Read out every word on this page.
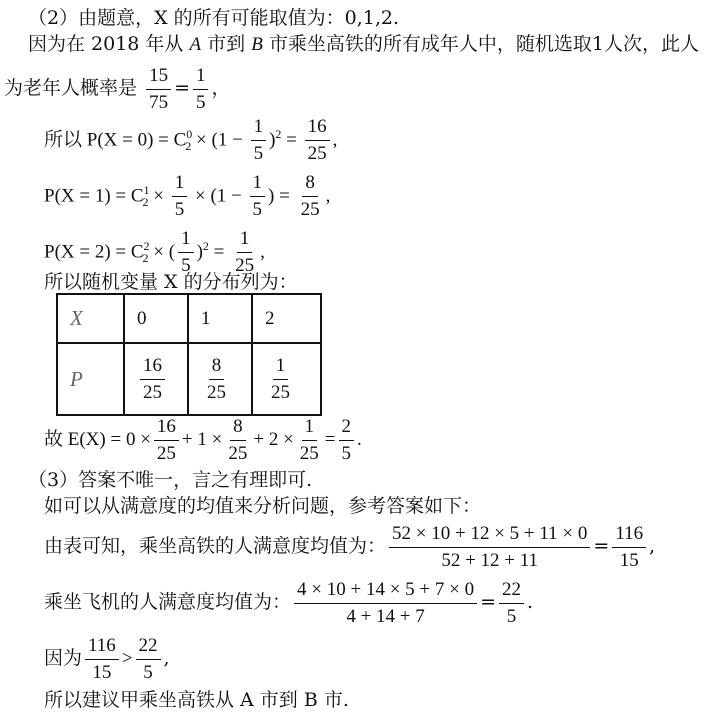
（2）由题意，X 的所有可能取值为：0,1,2.
因为在 2018 年从 A 市到 B 市乘坐高铁的所有成年人中，随机选取1人次，此人
为老年人概率是 $\frac{15}{75} = \frac{1}{5}$ ，
所以 $P(X = 0) = C^0_2 \times (1 - \frac{1}{5} )^2 = \frac{16}{25}$ ,
$P(X = 1) = C^1_2 \times \frac{1}{5} \times (1 - \frac{1}{5}$ ) = $\frac{8}{25}$ ,
$P(X = 2) = C^2_2$ × ( $\frac{1}{5} )^2 = \frac{1}{25}$ ,
所以随机变量 X 的分布列为：
X	0	1	2
P	$\frac{16}{25}$	$\frac{8}{25}$	$\frac{1}{25}$
故 $E(X) = 0 \times \frac{16}{25} + 1 \times \frac{8}{25} + 2 \times \frac{1}{25} = \frac{2}{5}$ .
（3）答案不唯一，言之有理即可.
如可以从满意度的均值来分析问题，参考答案如下：
由表可知，乘坐高铁的人满意度均值为： $\frac{52 \times 10 + 12 \times 5 + 11 \times 0}{52 + 12 + 11} = \frac{116}{15}$ ,
乘坐飞机的人满意度均值为： $\frac{4 \times 10 + 14 \times 5 + 7 \times 0}{4 + 14 + 7} = \frac{22}{5}$ .
因为 $\frac{116}{15} > \frac{22}{5}$ ,
所以建议甲乘坐高铁从 A 市到 B 市.
